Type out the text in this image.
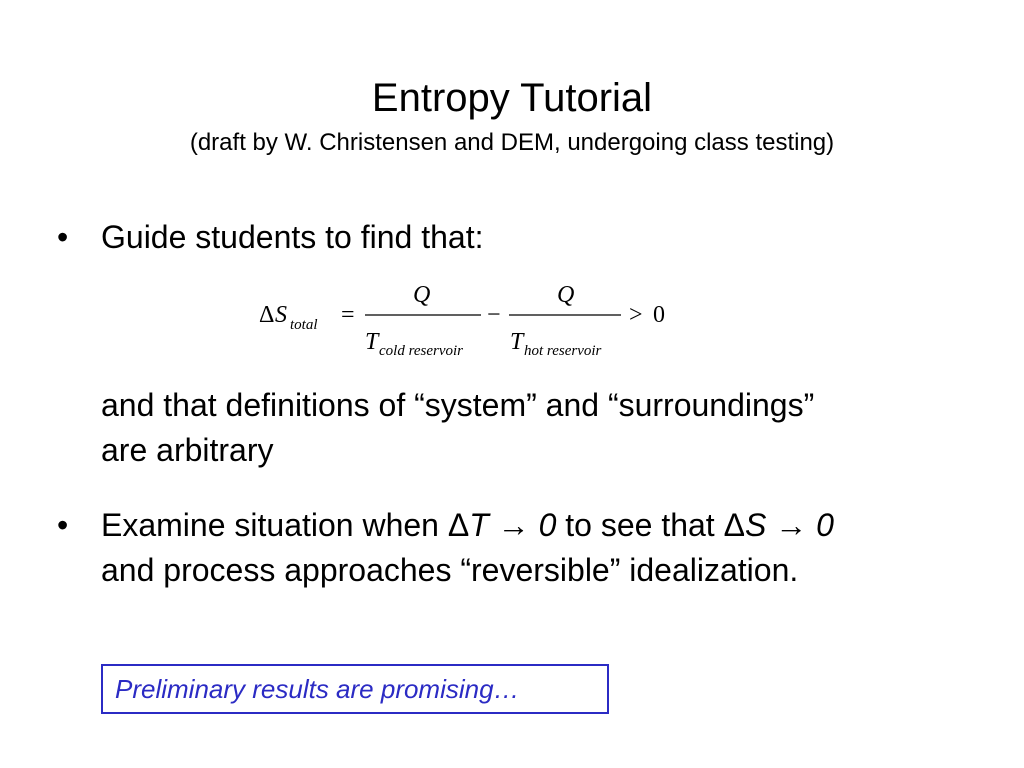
Entropy Tutorial
(draft by W. Christensen and DEM, undergoing class testing)
• Guide students to find that:
Δ S total =
Q
T cold reservoir
−
Q
T hot reservoir
> 0
and that definitions of “system” and “surroundings”
are arbitrary
• Examine situation when ΔT → 0 to see that ΔS → 0
and process approaches “reversible” idealization.
Preliminary results are promising…
